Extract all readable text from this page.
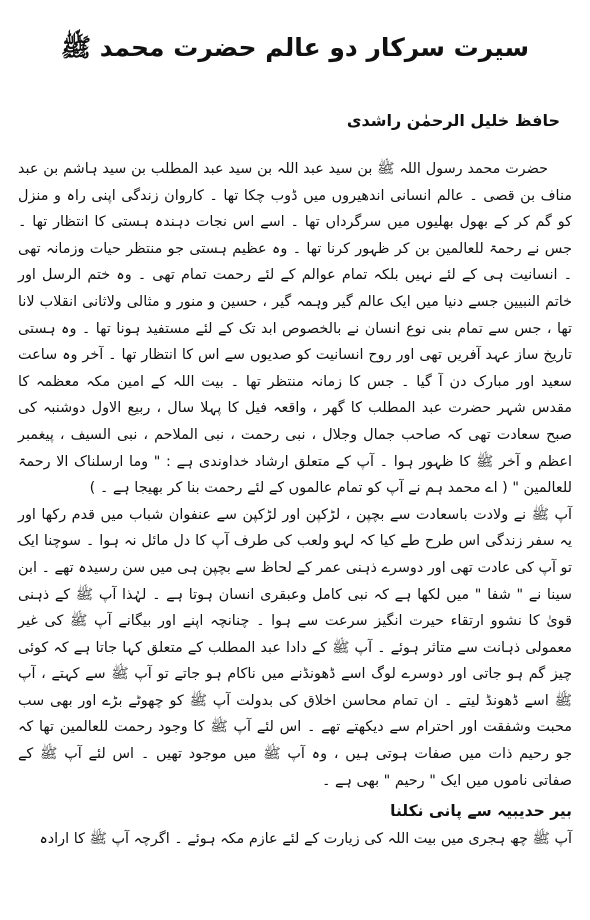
سیرت سرکار دو عالم حضرت محمد ﷺ
حافظ خلیل الرحمٰن راشدی

حضرت محمد رسول اللہ ﷺ بن سید عبد اللہ بن سید عبد المطلب بن سید ہاشم بن عبد مناف بن قصی ۔ عالم انسانی اندھیروں میں ڈوب چکا تھا ۔ کاروان زندگی اپنی راہ و منزل کو گم کر کے بھول بھلیوں میں سرگرداں تھا ۔ اسے اس نجات دہندہ ہستی کا انتظار تھا ۔ جس نے رحمۃ للعالمین بن کر ظہور کرنا تھا ۔ وہ عظیم ہستی جو منتظر حیات وزمانہ تھی ۔ انسانیت ہی کے لئے نہیں بلکہ تمام عوالم کے لئے رحمت تمام تھی ۔ وہ ختم الرسل اور خاتم النبیین جسے دنیا میں ایک عالم گیر وہمہ گیر ، حسین و منور و مثالی ولاثانی انقلاب لانا تھا ، جس سے تمام بنی نوع انسان نے بالخصوص ابد تک کے لئے مستفید ہونا تھا ۔ وہ ہستی تاریخ ساز عہد آفریں تھی اور روح انسانیت کو صدیوں سے اس کا انتظار تھا ۔ آخر وہ ساعت سعید اور مبارک دن آ گیا ۔ جس کا زمانہ منتظر تھا ۔ بیت اللہ کے امین مکہ معظمہ کا مقدس شہر حضرت عبد المطلب کا گھر ، واقعہ فیل کا پہلا سال ، ربیع الاول دوشنبہ کی صبح سعادت تھی کہ صاحب جمال وجلال ، نبی رحمت ، نبی الملاحم ، نبی السیف ، پیغمبر اعظم و آخر ﷺ کا ظہور ہوا ۔ آپ کے متعلق ارشاد خداوندی ہے : " وما ارسلناک الا رحمۃ للعالمین " ( اے محمد ہم نے آپ کو تمام عالموں کے لئے رحمت بنا کر بھیجا ہے ۔ )

آپ ﷺ نے ولادت باسعادت سے بچپن ، لڑکپن اور لڑکپن سے عنفوان شباب میں قدم رکھا اور یہ سفر زندگی اس طرح طے کیا کہ لہو ولعب کی طرف آپ کا دل مائل نہ ہوا ۔ سوچنا ایک تو آپ کی عادت تھی اور دوسرے ذہنی عمر کے لحاظ سے بچپن ہی میں سن رسیدہ تھے ۔ ابن سینا نے " شفا " میں لکھا ہے کہ نبی کامل وعبقری انسان ہوتا ہے ۔ لہٰذا آپ ﷺ کے ذہنی قویٰ کا نشوو ارتقاء حیرت انگیز سرعت سے ہوا ۔ چنانچہ اپنے اور بیگانے آپ ﷺ کی غیر معمولی ذہانت سے متاثر ہوئے ۔ آپ ﷺ کے دادا عبد المطلب کے متعلق کہا جاتا ہے کہ کوئی چیز گم ہو جاتی اور دوسرے لوگ اسے ڈھونڈنے میں ناکام ہو جاتے تو آپ ﷺ سے کہتے ، آپ ﷺ اسے ڈھونڈ لیتے ۔ ان تمام محاسن اخلاق کی بدولت آپ ﷺ کو چھوٹے بڑے اور بھی سب محبت وشفقت اور احترام سے دیکھتے تھے ۔ اس لئے آپ ﷺ کا وجود رحمت للعالمین تھا کہ جو رحیم ذات میں صفات ہوتی ہیں ، وہ آپ ﷺ میں موجود تھیں ۔ اس لئے آپ ﷺ کے صفاتی ناموں میں ایک " رحیم " بھی ہے ۔

بیر حدیبیہ سے پانی نکلنا

آپ ﷺ چھ ہجری میں بیت اللہ کی زیارت کے لئے عازم مکہ ہوئے ۔ اگرچہ آپ ﷺ کا ارادہ
